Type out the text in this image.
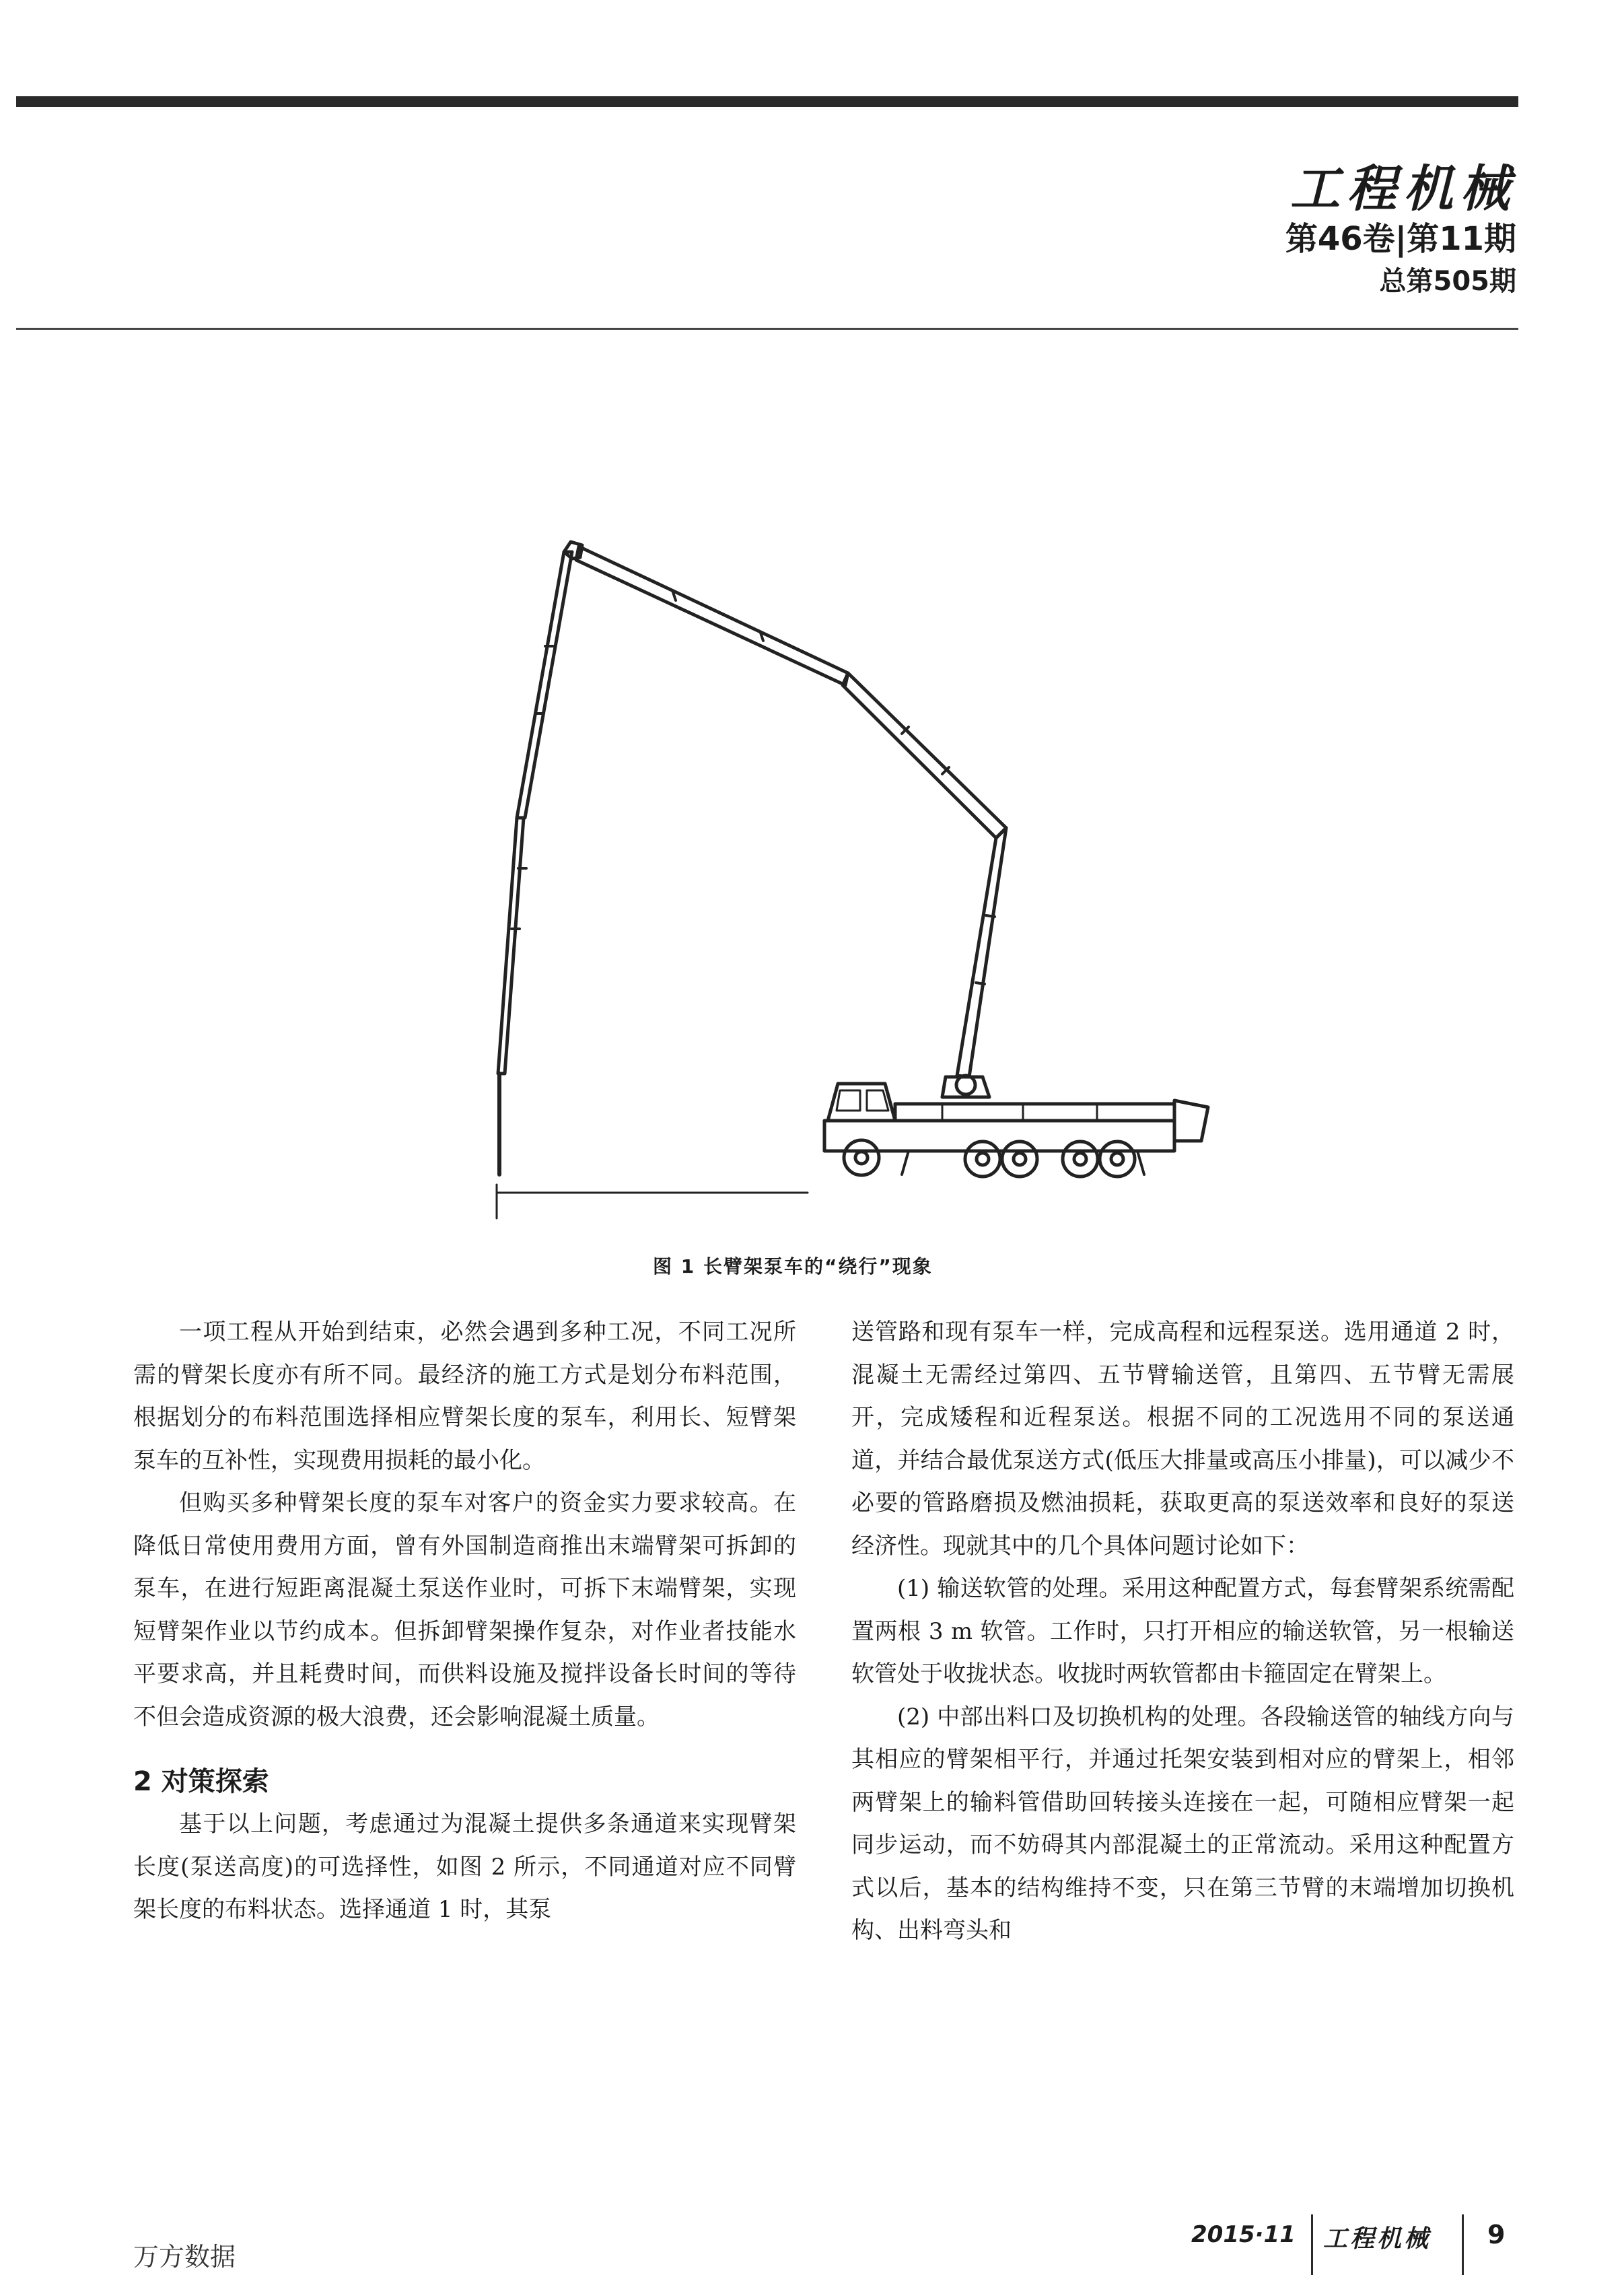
工程机械
第46卷|第11期
总第505期
图 1 长臂架泵车的“绕行”现象

一项工程从开始到结束，必然会遇到多种工况，不同工况所需的臂架长度亦有所不同。最经济的施工方式是划分布料范围，根据划分的布料范围选择相应臂架长度的泵车，利用长、短臂架泵车的互补性，实现费用损耗的最小化。

但购买多种臂架长度的泵车对客户的资金实力要求较高。在降低日常使用费用方面，曾有外国制造商推出末端臂架可拆卸的泵车，在进行短距离混凝土泵送作业时，可拆下末端臂架，实现短臂架作业以节约成本。但拆卸臂架操作复杂，对作业者技能水平要求高，并且耗费时间，而供料设施及搅拌设备长时间的等待不但会造成资源的极大浪费，还会影响混凝土质量。

2 对策探索

基于以上问题，考虑通过为混凝土提供多条通道来实现臂架长度(泵送高度)的可选择性，如图 2 所示，不同通道对应不同臂架长度的布料状态。选择通道 1 时，其泵

送管路和现有泵车一样，完成高程和远程泵送。选用通道 2 时，混凝土无需经过第四、五节臂输送管，且第四、五节臂无需展开，完成矮程和近程泵送。根据不同的工况选用不同的泵送通道，并结合最优泵送方式(低压大排量或高压小排量)，可以减少不必要的管路磨损及燃油损耗，获取更高的泵送效率和良好的泵送经济性。现就其中的几个具体问题讨论如下：

(1) 输送软管的处理。采用这种配置方式，每套臂架系统需配置两根 3 m 软管。工作时，只打开相应的输送软管，另一根输送软管处于收拢状态。收拢时两软管都由卡箍固定在臂架上。

(2) 中部出料口及切换机构的处理。各段输送管的轴线方向与其相应的臂架相平行，并通过托架安装到相对应的臂架上，相邻两臂架上的输料管借助回转接头连接在一起，可随相应臂架一起同步运动，而不妨碍其内部混凝土的正常流动。采用这种配置方式以后，基本的结构维持不变，只在第三节臂的末端增加切换机构、出料弯头和

2015·11 工程机械 9
万方数据
